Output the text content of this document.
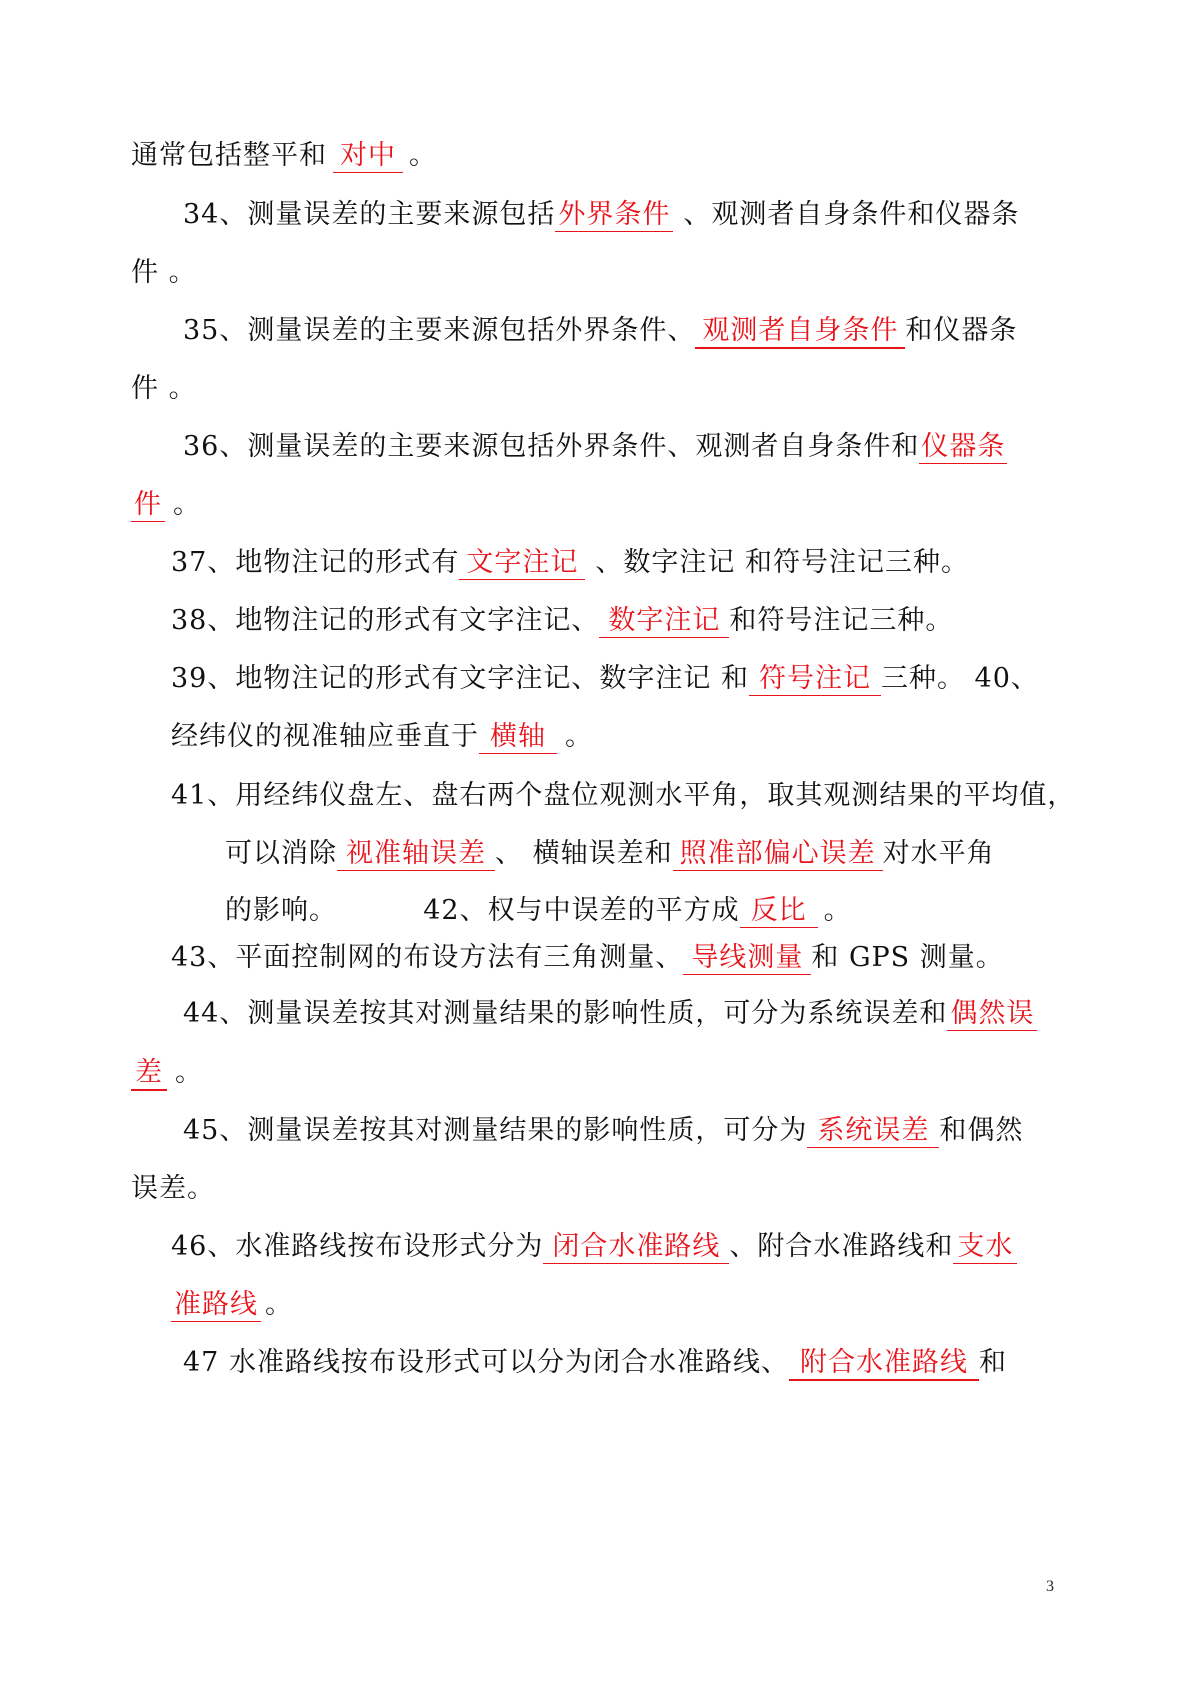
通常包括整平和 对中 。
34、测量误差的主要来源包括 外界条件 、观测者自身条件和仪器条
件 。
35、测量误差的主要来源包括外界条件、 观测者自身条件 和仪器条
件 。
36、测量误差的主要来源包括外界条件、观测者自身条件和仪器条
件 。
37、地物注记的形式有 文字注记 、数字注记 和符号注记三种。
38、地物注记的形式有文字注记、 数字注记 和符号注记三种。
39、地物注记的形式有文字注记、数字注记 和 符号注记 三种。 40、
经纬仪的视准轴应垂直于 横轴 。
41、用经纬仪盘左、盘右两个盘位观测水平角，取其观测结果的平均值，
可以消除 视准轴误差 、 横轴误差和 照准部偏心误差 对水平角
的影响。         42、权与中误差的平方成 反比 。
43、平面控制网的布设方法有三角测量、 导线测量 和 GPS 测量。
44、测量误差按其对测量结果的影响性质，可分为系统误差和 偶然误
差 。
45、测量误差按其对测量结果的影响性质，可分为 系统误差 和偶然
误差。
46、水准路线按布设形式分为 闭合水准路线 、附合水准路线和 支水
准路线 。
47 水准路线按布设形式可以分为闭合水准路线、 附合水准路线 和
3
